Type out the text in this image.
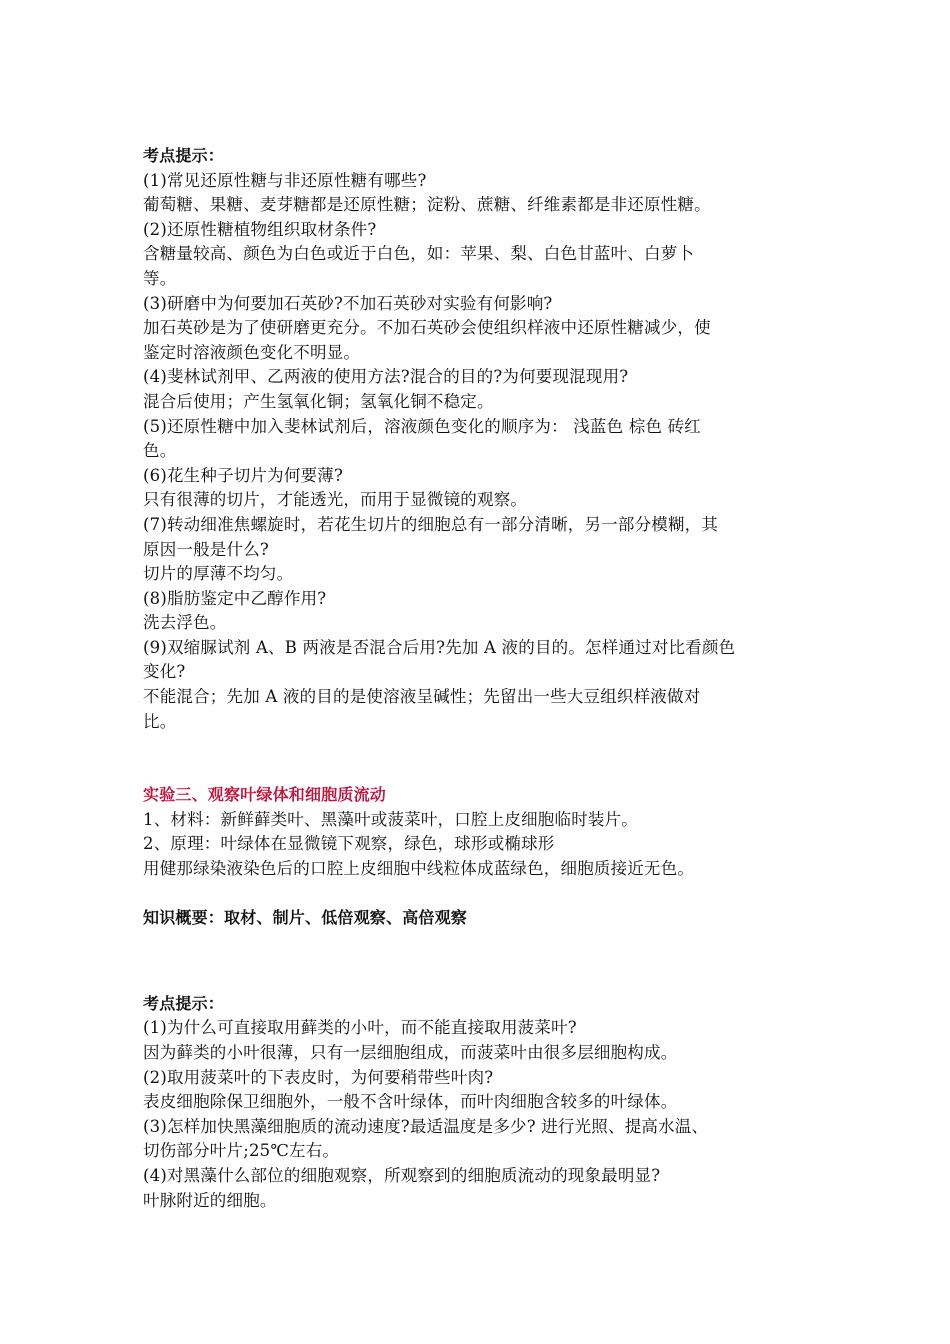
考点提示：
(1)常见还原性糖与非还原性糖有哪些?
葡萄糖、果糖、麦芽糖都是还原性糖；淀粉、蔗糖、纤维素都是非还原性糖。
(2)还原性糖植物组织取材条件?
含糖量较高、颜色为白色或近于白色，如：苹果、梨、白色甘蓝叶、白萝卜
等。
(3)研磨中为何要加石英砂?不加石英砂对实验有何影响?
加石英砂是为了使研磨更充分。不加石英砂会使组织样液中还原性糖减少，使
鉴定时溶液颜色变化不明显。
(4)斐林试剂甲、乙两液的使用方法?混合的目的?为何要现混现用?
混合后使用；产生氢氧化铜；氢氧化铜不稳定。
(5)还原性糖中加入斐林试剂后，溶液颜色变化的顺序为： 浅蓝色 棕色 砖红
色。
(6)花生种子切片为何要薄?
只有很薄的切片，才能透光，而用于显微镜的观察。
(7)转动细准焦螺旋时，若花生切片的细胞总有一部分清晰，另一部分模糊，其
原因一般是什么?
切片的厚薄不均匀。
(8)脂肪鉴定中乙醇作用?
洗去浮色。
(9)双缩脲试剂 A、B 两液是否混合后用?先加 A 液的目的。怎样通过对比看颜色
变化?
不能混合；先加 A 液的目的是使溶液呈碱性；先留出一些大豆组织样液做对
比。
实验三、观察叶绿体和细胞质流动
1、材料：新鲜藓类叶、黑藻叶或菠菜叶，口腔上皮细胞临时装片。
2、原理：叶绿体在显微镜下观察，绿色，球形或椭球形
用健那绿染液染色后的口腔上皮细胞中线粒体成蓝绿色，细胞质接近无色。
知识概要：取材、制片、低倍观察、高倍观察
考点提示：
(1)为什么可直接取用藓类的小叶，而不能直接取用菠菜叶?
因为藓类的小叶很薄，只有一层细胞组成，而菠菜叶由很多层细胞构成。
(2)取用菠菜叶的下表皮时，为何要稍带些叶肉?
表皮细胞除保卫细胞外，一般不含叶绿体，而叶肉细胞含较多的叶绿体。
(3)怎样加快黑藻细胞质的流动速度?最适温度是多少? 进行光照、提高水温、
切伤部分叶片;25℃左右。
(4)对黑藻什么部位的细胞观察，所观察到的细胞质流动的现象最明显?
叶脉附近的细胞。
